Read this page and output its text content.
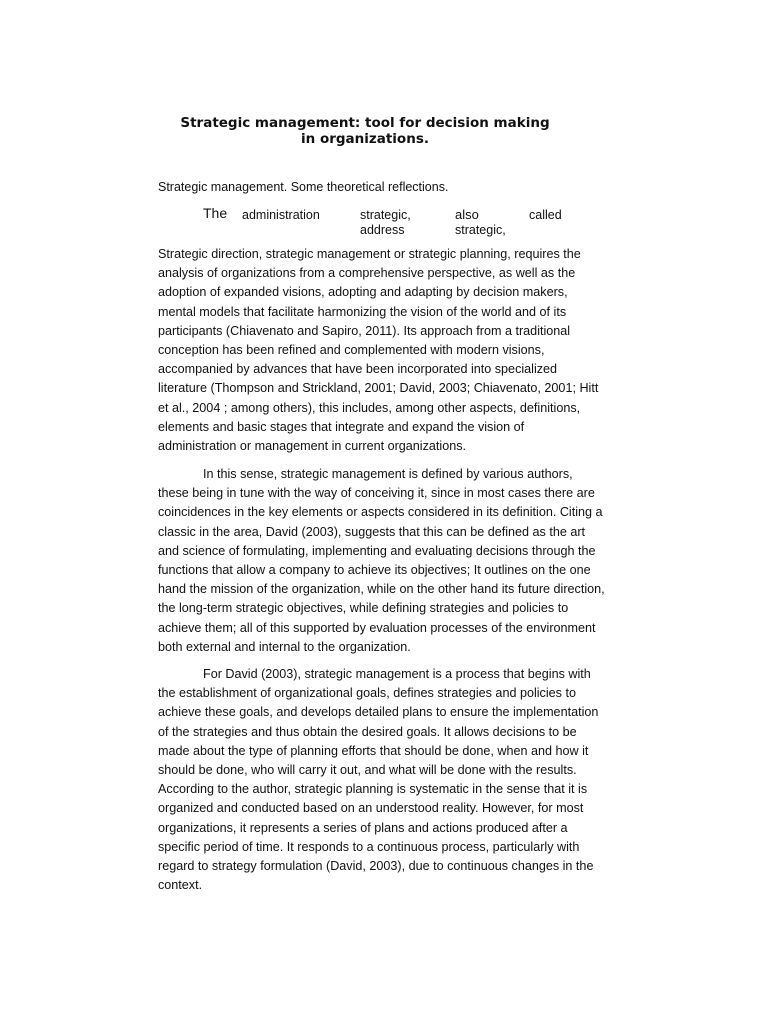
Strategic management: tool for decision making
in organizations.
Strategic management. Some theoretical reflections.
The administration	strategic,
address
also
strategic,
called
Strategic direction, strategic management or strategic planning, requires the
analysis of organizations from a comprehensive perspective, as well as the
adoption of expanded visions, adopting and adapting by decision makers,
mental models that facilitate harmonizing the vision of the world and of its
participants (Chiavenato and Sapiro, 2011). Its approach from a traditional
conception has been refined and complemented with modern visions,
accompanied by advances that have been incorporated into specialized
literature (Thompson and Strickland, 2001; David, 2003; Chiavenato, 2001; Hitt
et al., 2004 ; among others), this includes, among other aspects, definitions,
elements and basic stages that integrate and expand the vision of
administration or management in current organizations.
In this sense, strategic management is defined by various authors,
these being in tune with the way of conceiving it, since in most cases there are
coincidences in the key elements or aspects considered in its definition. Citing a
classic in the area, David (2003), suggests that this can be defined as the art
and science of formulating, implementing and evaluating decisions through the
functions that allow a company to achieve its objectives; It outlines on the one
hand the mission of the organization, while on the other hand its future direction,
the long-term strategic objectives, while defining strategies and policies to
achieve them; all of this supported by evaluation processes of the environment
both external and internal to the organization.
For David (2003), strategic management is a process that begins with
the establishment of organizational goals, defines strategies and policies to
achieve these goals, and develops detailed plans to ensure the implementation
of the strategies and thus obtain the desired goals. It allows decisions to be
made about the type of planning efforts that should be done, when and how it
should be done, who will carry it out, and what will be done with the results.
According to the author, strategic planning is systematic in the sense that it is
organized and conducted based on an understood reality. However, for most
organizations, it represents a series of plans and actions produced after a
specific period of time. It responds to a continuous process, particularly with
regard to strategy formulation (David, 2003), due to continuous changes in the
context.
